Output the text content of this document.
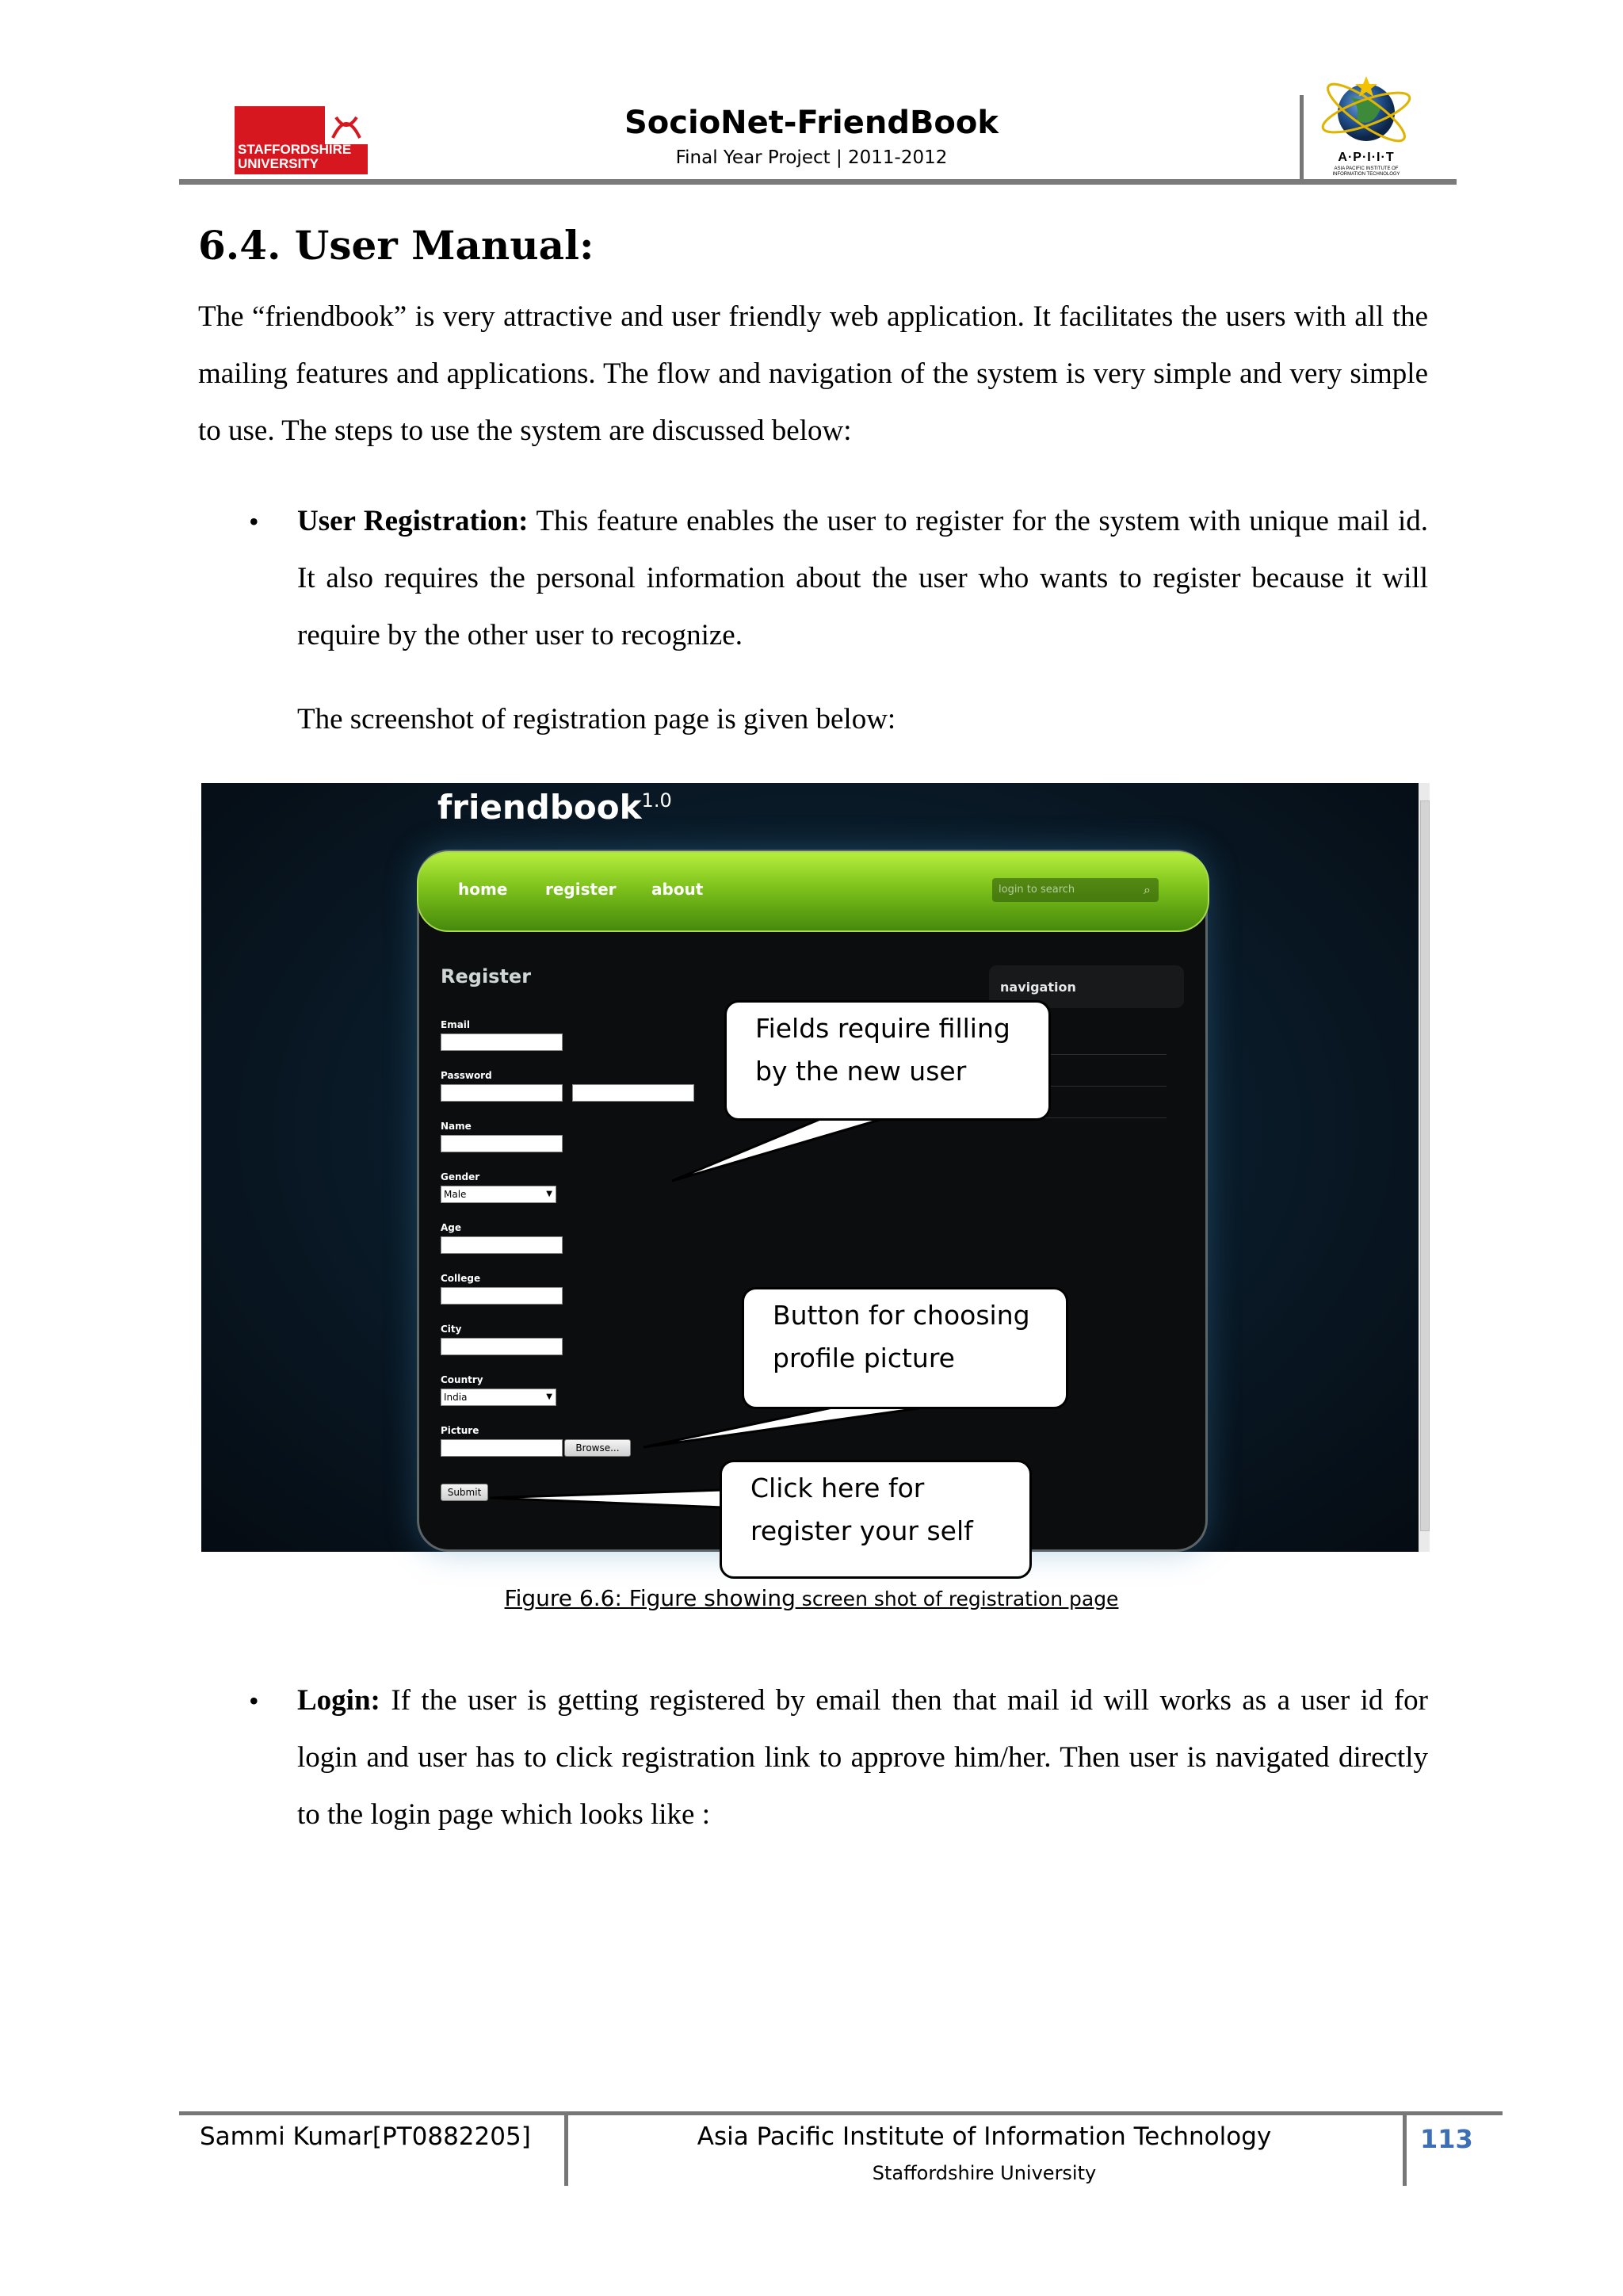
STAFFORDSHIRE UNIVERSITY
SocioNet-FriendBook
Final Year Project | 2011-2012	A·P·I·I·T
ASIA PACIFIC INSTITUTE OF INFORMATION TECHNOLOGY
6.4. User Manual:
The “friendbook” is very attractive and user friendly web application. It facilitates the users with all the mailing features and applications. The flow and navigation of the system is very simple and very simple to use. The steps to use the system are discussed below:
• User Registration: This feature enables the user to register for the system with unique mail id. It also requires the personal information about the user who wants to register because it will require by the other user to recognize.
The screenshot of registration page is given below:
friendbook$^{1.0}$
home register about	login to search	⌕
Register	navigation
Email
Password
Name
Gender
Male	▼
Age
College
City
Country
India	▼
Picture
Browse...
Submit
Fields require filling
by the new user
Button for choosing
profile picture
Click here for
register your self
Figure 6.6: Figure showing screen shot of registration page
• Login: If the user is getting registered by email then that mail id will works as a user id for login and user has to click registration link to approve him/her. Then user is navigated directly to the login page which looks like :
Sammi Kumar[PT0882205]	Asia Pacific Institute of Information Technology
Staffordshire University
113
